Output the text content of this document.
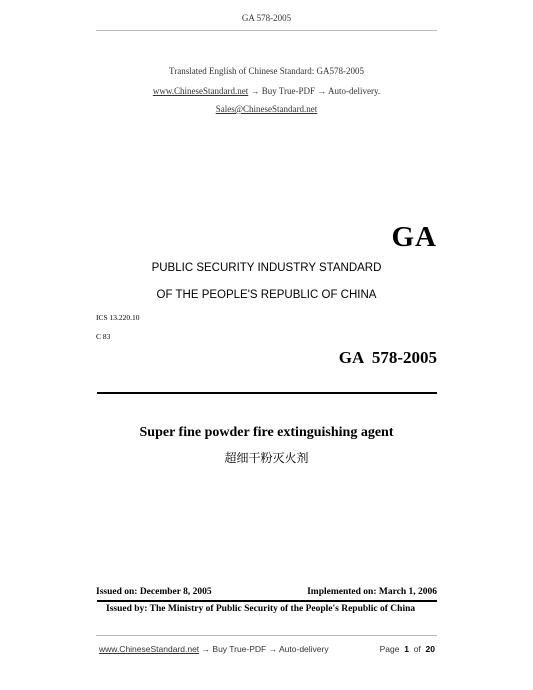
GA 578-2005
Translated English of Chinese Standard: GA578-2005
www.ChineseStandard.net → Buy True-PDF → Auto-delivery.
Sales@ChineseStandard.net
GA
PUBLIC SECURITY INDUSTRY STANDARD
OF THE PEOPLE'S REPUBLIC OF CHINA
ICS 13.220.10
C 83
GA  578-2005
Super fine powder fire extinguishing agent
超细干粉灭火剂
Issued on: December 8, 2005	Implemented on: March 1, 2006
Issued by: The Ministry of Public Security of the People's Republic of China
www.ChineseStandard.net → Buy True-PDF → Auto-delivery	Page 1 of 20
